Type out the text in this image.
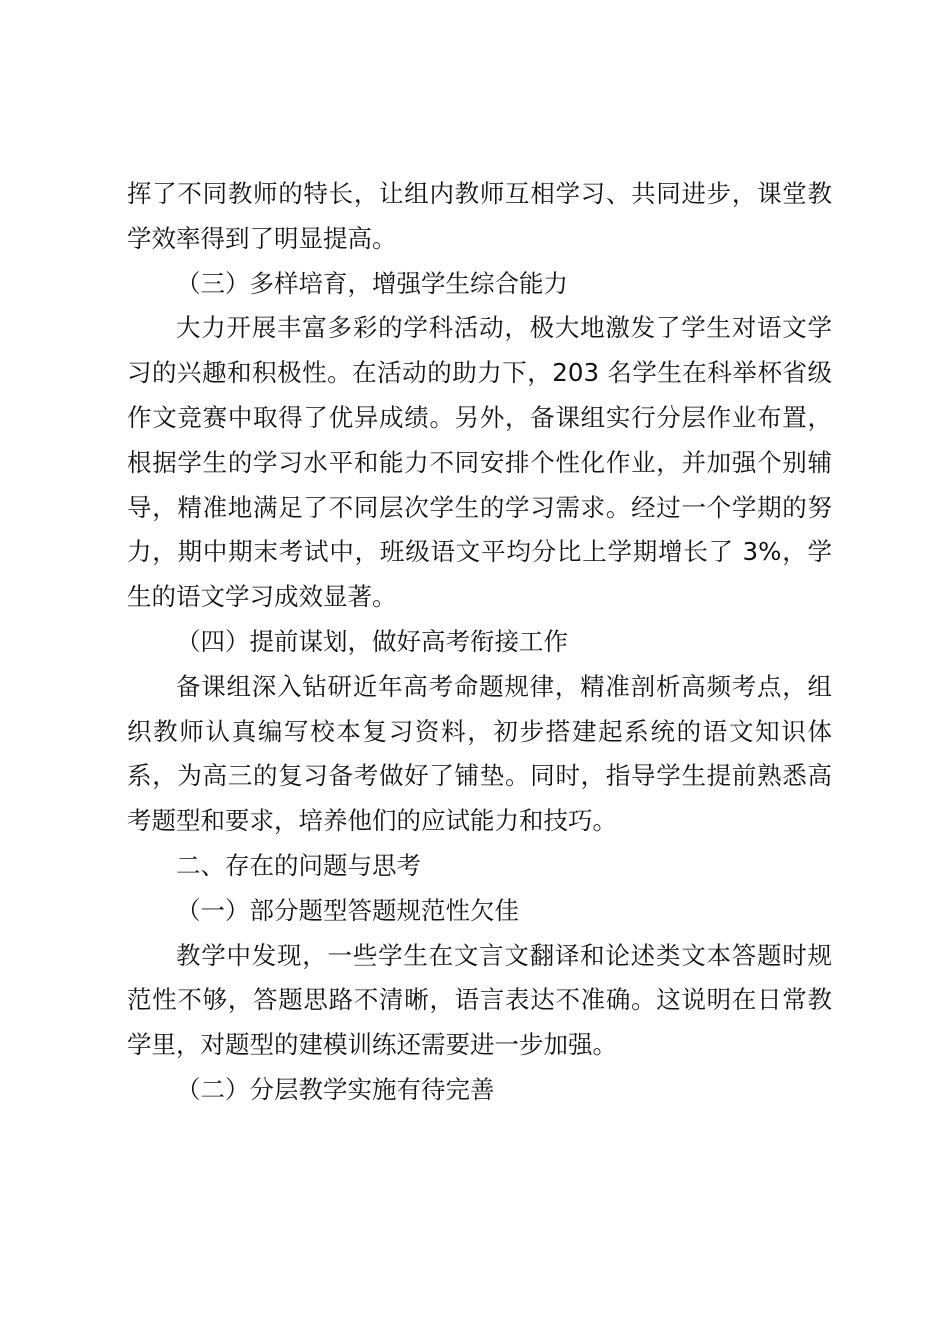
挥了不同教师的特长，让组内教师互相学习、共同进步，课堂教学效率得到了明显提高。

（三）多样培育，增强学生综合能力

大力开展丰富多彩的学科活动，极大地激发了学生对语文学习的兴趣和积极性。在活动的助力下，203 名学生在科举杯省级作文竞赛中取得了优异成绩。另外，备课组实行分层作业布置，根据学生的学习水平和能力不同安排个性化作业，并加强个别辅导，精准地满足了不同层次学生的学习需求。经过一个学期的努力，期中期末考试中，班级语文平均分比上学期增长了 3%，学生的语文学习成效显著。

（四）提前谋划，做好高考衔接工作

备课组深入钻研近年高考命题规律，精准剖析高频考点，组织教师认真编写校本复习资料，初步搭建起系统的语文知识体系，为高三的复习备考做好了铺垫。同时，指导学生提前熟悉高考题型和要求，培养他们的应试能力和技巧。

二、存在的问题与思考

（一）部分题型答题规范性欠佳

教学中发现，一些学生在文言文翻译和论述类文本答题时规范性不够，答题思路不清晰，语言表达不准确。这说明在日常教学里，对题型的建模训练还需要进一步加强。

（二）分层教学实施有待完善
